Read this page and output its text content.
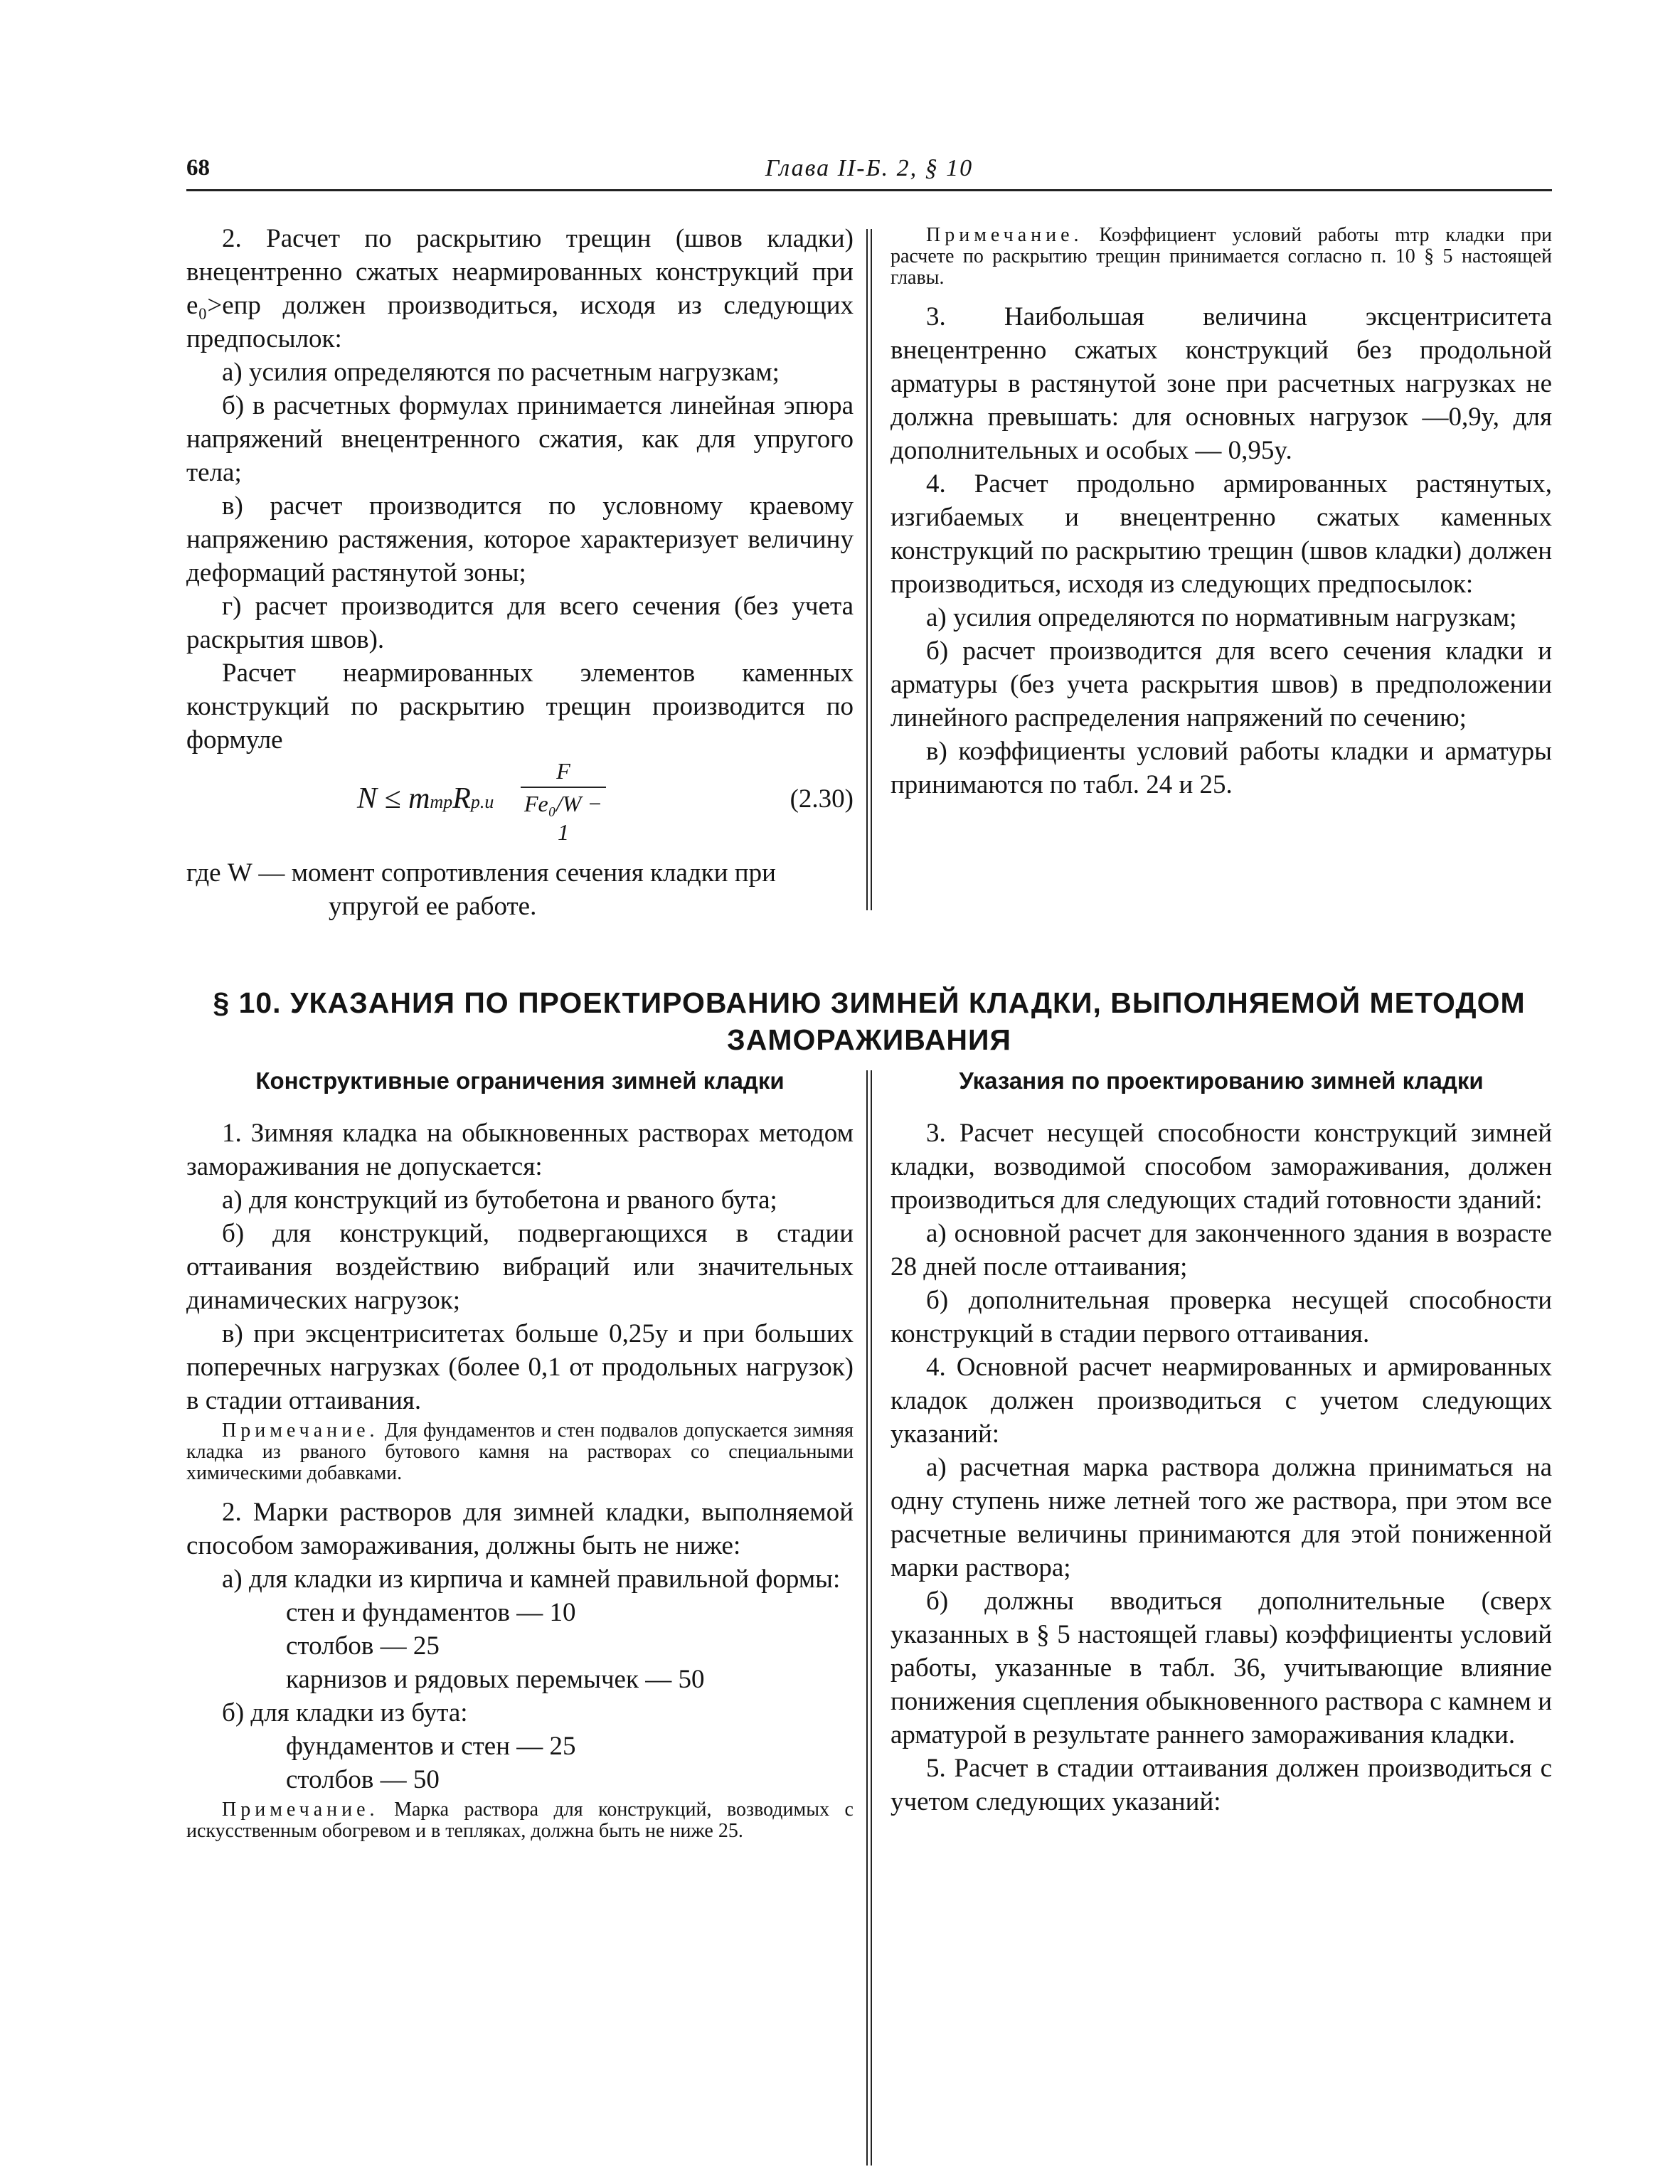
68	Глава II-Б. 2, § 10

2. Расчет по раскрытию трещин (швов кладки) внецентренно сжатых неармированных конструкций при e₀>eпр должен производиться, исходя из следующих предпосылок:

а) усилия определяются по расчетным нагрузкам;

б) в расчетных формулах принимается линейная эпюра напряжений внецентренного сжатия, как для упругого тела;

в) расчет производится по условному краевому напряжению растяжения, которое характеризует величину деформаций растянутой зоны;

г) расчет производится для всего сечения (без учета раскрытия швов).

Расчет неармированных элементов каменных конструкций по раскрытию трещин производится по формуле

N ≤ mтрRр.и
F
Fe₀/W − 1
(2.30)

где W — момент сопротивления сечения кладки при упругой ее работе.

Примечание. Коэффициент условий работы mтр кладки при расчете по раскрытию трещин принимается согласно п. 10 § 5 настоящей главы.

3. Наибольшая величина эксцентриситета внецентренно сжатых конструкций без продольной арматуры в растянутой зоне при расчетных нагрузках не должна превышать: для основных нагрузок —0,9y, для дополнительных и особых — 0,95y.

4. Расчет продольно армированных растянутых, изгибаемых и внецентренно сжатых каменных конструкций по раскрытию трещин (швов кладки) должен производиться, исходя из следующих предпосылок:

а) усилия определяются по нормативным нагрузкам;

б) расчет производится для всего сечения кладки и арматуры (без учета раскрытия швов) в предположении линейного распределения напряжений по сечению;

в) коэффициенты условий работы кладки и арматуры принимаются по табл. 24 и 25.

§ 10. УКАЗАНИЯ ПО ПРОЕКТИРОВАНИЮ ЗИМНЕЙ КЛАДКИ, ВЫПОЛНЯЕМОЙ МЕТОДОМ
ЗАМОРАЖИВАНИЯ

Конструктивные ограничения зимней кладки

1. Зимняя кладка на обыкновенных растворах методом замораживания не допускается:

а) для конструкций из бутобетона и рваного бута;

б) для конструкций, подвергающихся в стадии оттаивания воздействию вибраций или значительных динамических нагрузок;

в) при эксцентриситетах больше 0,25y и при больших поперечных нагрузках (более 0,1 от продольных нагрузок) в стадии оттаивания.

Примечание. Для фундаментов и стен подвалов допускается зимняя кладка из рваного бутового камня на растворах со специальными химическими добавками.

2. Марки растворов для зимней кладки, выполняемой способом замораживания, должны быть не ниже:

а) для кладки из кирпича и камней правильной формы:

стен и фундаментов — 10

столбов — 25

карнизов и рядовых перемычек — 50

б) для кладки из бута:

фундаментов и стен — 25

столбов — 50

Примечание. Марка раствора для конструкций, возводимых с искусственным обогревом и в тепляках, должна быть не ниже 25.

Указания по проектированию зимней кладки

3. Расчет несущей способности конструкций зимней кладки, возводимой способом замораживания, должен производиться для следующих стадий готовности зданий:

а) основной расчет для законченного здания в возрасте 28 дней после оттаивания;

б) дополнительная проверка несущей способности конструкций в стадии первого оттаивания.

4. Основной расчет неармированных и армированных кладок должен производиться с учетом следующих указаний:

а) расчетная марка раствора должна приниматься на одну ступень ниже летней того же раствора, при этом все расчетные величины принимаются для этой пониженной марки раствора;

б) должны вводиться дополнительные (сверх указанных в § 5 настоящей главы) коэффициенты условий работы, указанные в табл. 36, учитывающие влияние понижения сцепления обыкновенного раствора с камнем и арматурой в результате раннего замораживания кладки.

5. Расчет в стадии оттаивания должен производиться с учетом следующих указаний:
